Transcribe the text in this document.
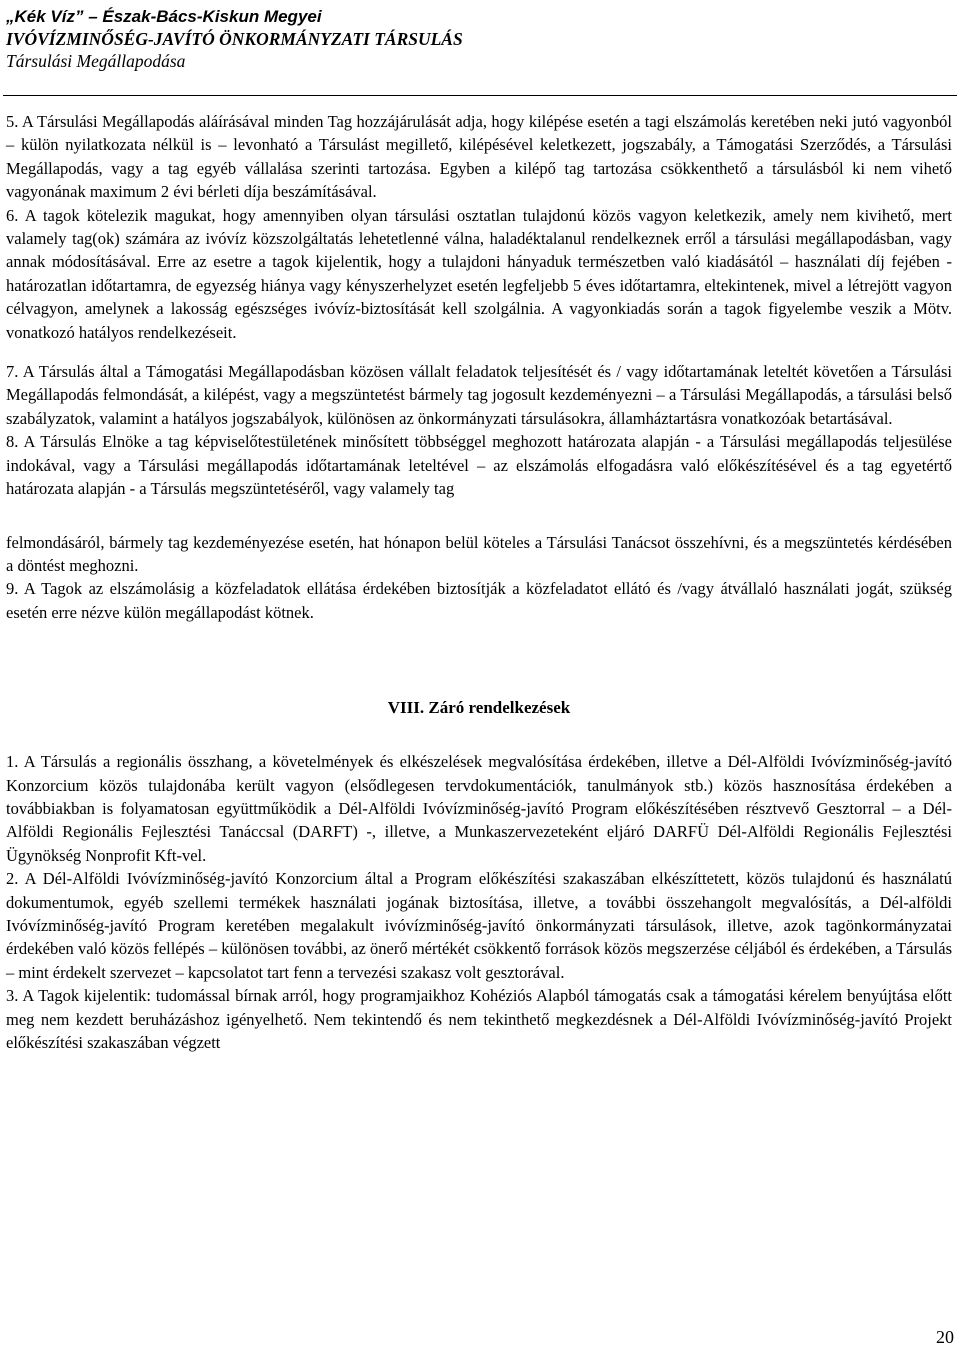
„Kék Víz” – Észak-Bács-Kiskun Megyei
IVÓVÍZMINŐSÉG-JAVÍTÓ ÖNKORMÁNYZATI TÁRSULÁS
Társulási Megállapodása

5. A Társulási Megállapodás aláírásával minden Tag hozzájárulását adja, hogy kilépése esetén a tagi elszámolás keretében neki jutó vagyonból – külön nyilatkozata nélkül is – levonható a Társulást megillető, kilépésével keletkezett, jogszabály, a Támogatási Szerződés, a Társulási Megállapodás, vagy a tag egyéb vállalása szerinti tartozása. Egyben a kilépő tag tartozása csökkenthető a társulásból ki nem vihető vagyonának maximum 2 évi bérleti díja beszámításával.

6. A tagok kötelezik magukat, hogy amennyiben olyan társulási osztatlan tulajdonú közös vagyon keletkezik, amely nem kivihető, mert valamely tag(ok) számára az ivóvíz közszolgáltatás lehetetlenné válna, haladéktalanul rendelkeznek erről a társulási megállapodásban, vagy annak módosításával. Erre az esetre a tagok kijelentik, hogy a tulajdoni hányaduk természetben való kiadásától – használati díj fejében - határozatlan időtartamra, de egyezség hiánya vagy kényszerhelyzet esetén legfeljebb 5 éves időtartamra, eltekintenek, mivel a létrejött vagyon célvagyon, amelynek a lakosság egészséges ivóvíz-biztosítását kell szolgálnia. A vagyonkiadás során a tagok figyelembe veszik a Mötv. vonatkozó hatályos rendelkezéseit.

7. A Társulás által a Támogatási Megállapodásban közösen vállalt feladatok teljesítését és / vagy időtartamának leteltét követően a Társulási Megállapodás felmondását, a kilépést, vagy a megszüntetést bármely tag jogosult kezdeményezni – a Társulási Megállapodás, a társulási belső szabályzatok, valamint a hatályos jogszabályok, különösen az önkormányzati társulásokra, államháztartásra vonatkozóak betartásával.

8. A Társulás Elnöke a tag képviselőtestületének minősített többséggel meghozott határozata alapján - a Társulási megállapodás teljesülése indokával, vagy a Társulási megállapodás időtartamának leteltével – az elszámolás elfogadásra való előkészítésével és a tag egyetértő határozata alapján - a Társulás megszüntetéséről, vagy valamely tag

felmondásáról, bármely tag kezdeményezése esetén, hat hónapon belül köteles a Társulási Tanácsot összehívni, és a megszüntetés kérdésében a döntést meghozni.

9. A Tagok az elszámolásig a közfeladatok ellátása érdekében biztosítják a közfeladatot ellátó és /vagy átvállaló használati jogát, szükség esetén erre nézve külön megállapodást kötnek.

VIII. Záró rendelkezések

1. A Társulás a regionális összhang, a követelmények és elkészelések megvalósítása érdekében, illetve a Dél-Alföldi Ivóvízminőség-javító Konzorcium közös tulajdonába került vagyon (elsődlegesen tervdokumentációk, tanulmányok stb.) közös hasznosítása érdekében a továbbiakban is folyamatosan együttműködik a Dél-Alföldi Ivóvízminőség-javító Program előkészítésében résztvevő Gesztorral – a Dél-Alföldi Regionális Fejlesztési Tanáccsal (DARFT) -, illetve, a Munkaszervezeteként eljáró DARFÜ Dél-Alföldi Regionális Fejlesztési Ügynökség Nonprofit Kft-vel.

2. A Dél-Alföldi Ivóvízminőség-javító Konzorcium által a Program előkészítési szakaszában elkészíttetett, közös tulajdonú és használatú dokumentumok, egyéb szellemi termékek használati jogának biztosítása, illetve, a további összehangolt megvalósítás, a Dél-alföldi Ivóvízminőség-javító Program keretében megalakult ivóvízminőség-javító önkormányzati társulások, illetve, azok tagönkormányzatai érdekében való közös fellépés – különösen további, az önerő mértékét csökkentő források közös megszerzése céljából és érdekében, a Társulás – mint érdekelt szervezet – kapcsolatot tart fenn a tervezési szakasz volt gesztorával.

3. A Tagok kijelentik: tudomással bírnak arról, hogy programjaikhoz Kohéziós Alapból támogatás csak a támogatási kérelem benyújtása előtt meg nem kezdett beruházáshoz igényelhető. Nem tekintendő és nem tekinthető megkezdésnek a Dél-Alföldi Ivóvízminőség-javító Projekt előkészítési szakaszában végzett

20
